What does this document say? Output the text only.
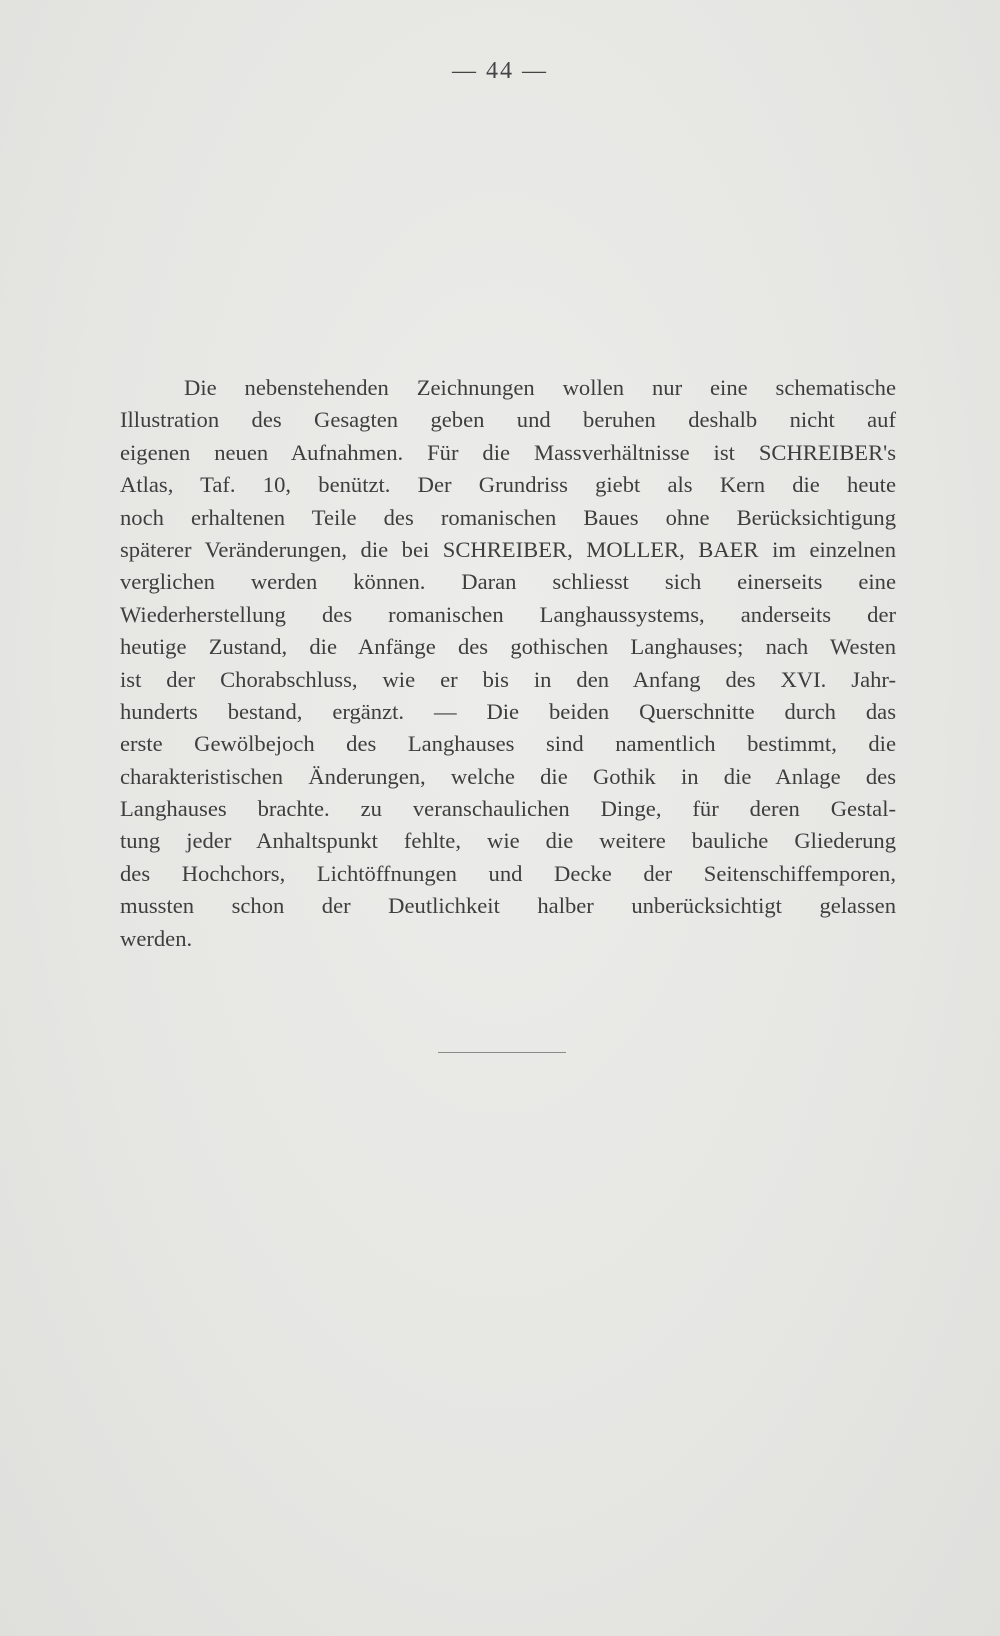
— 44 —
Die nebenstehenden Zeichnungen wollen nur eine schematische
Illustration des Gesagten geben und beruhen deshalb nicht auf
eigenen neuen Aufnahmen. Für die Massverhältnisse ist SCHREIBER's
Atlas, Taf. 10, benützt. Der Grundriss giebt als Kern die heute
noch erhaltenen Teile des romanischen Baues ohne Berücksichtigung
späterer Veränderungen, die bei SCHREIBER, MOLLER, BAER im einzelnen
verglichen werden können. Daran schliesst sich einerseits eine
Wiederherstellung des romanischen Langhaussystems, anderseits der
heutige Zustand, die Anfänge des gothischen Langhauses; nach Westen
ist der Chorabschluss, wie er bis in den Anfang des XVI. Jahr-
hunderts bestand, ergänzt. — Die beiden Querschnitte durch das
erste Gewölbejoch des Langhauses sind namentlich bestimmt, die
charakteristischen Änderungen, welche die Gothik in die Anlage des
Langhauses brachte. zu veranschaulichen Dinge, für deren Gestal-
tung jeder Anhaltspunkt fehlte, wie die weitere bauliche Gliederung
des Hochchors, Lichtöffnungen und Decke der Seitenschiffemporen,
mussten schon der Deutlichkeit halber unberücksichtigt gelassen
werden.
